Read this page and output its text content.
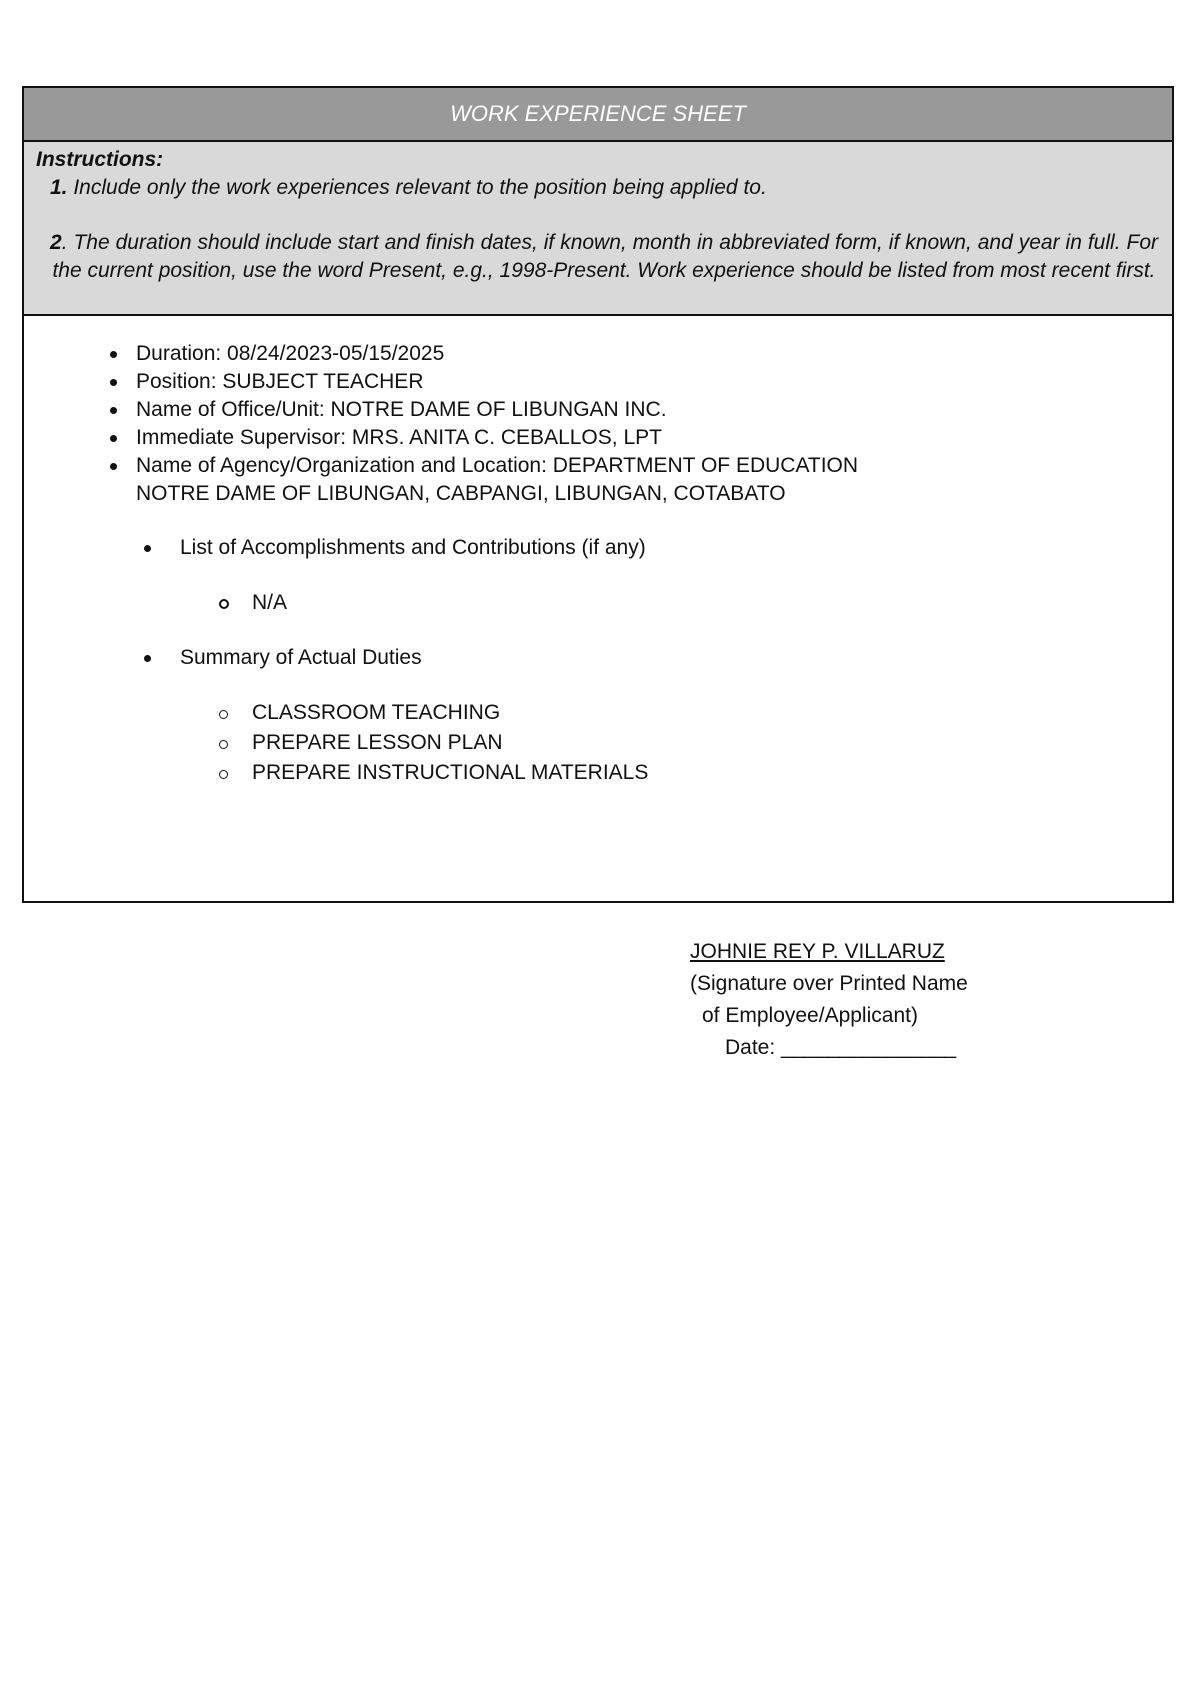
WORK EXPERIENCE SHEET

Instructions:

1. Include only the work experiences relevant to the position being applied to.

2. The duration should include start and finish dates, if known, month in abbreviated form, if known, and year in full. For the current position, use the word Present, e.g., 1998-Present. Work experience should be listed from most recent first.

Duration: 08/24/2023-05/15/2025
Position: SUBJECT TEACHER
Name of Office/Unit: NOTRE DAME OF LIBUNGAN INC.
Immediate Supervisor: MRS. ANITA C. CEBALLOS, LPT
Name of Agency/Organization and Location: DEPARTMENT OF EDUCATION
NOTRE DAME OF LIBUNGAN, CABPANGI, LIBUNGAN, COTABATO
List of Accomplishments and Contributions (if any)
N/A
Summary of Actual Duties
CLASSROOM TEACHING
PREPARE LESSON PLAN
PREPARE INSTRUCTIONAL MATERIALS
JOHNIE REY P. VILLARUZ
(Signature over Printed Name
of Employee/Applicant)
Date: _______________
